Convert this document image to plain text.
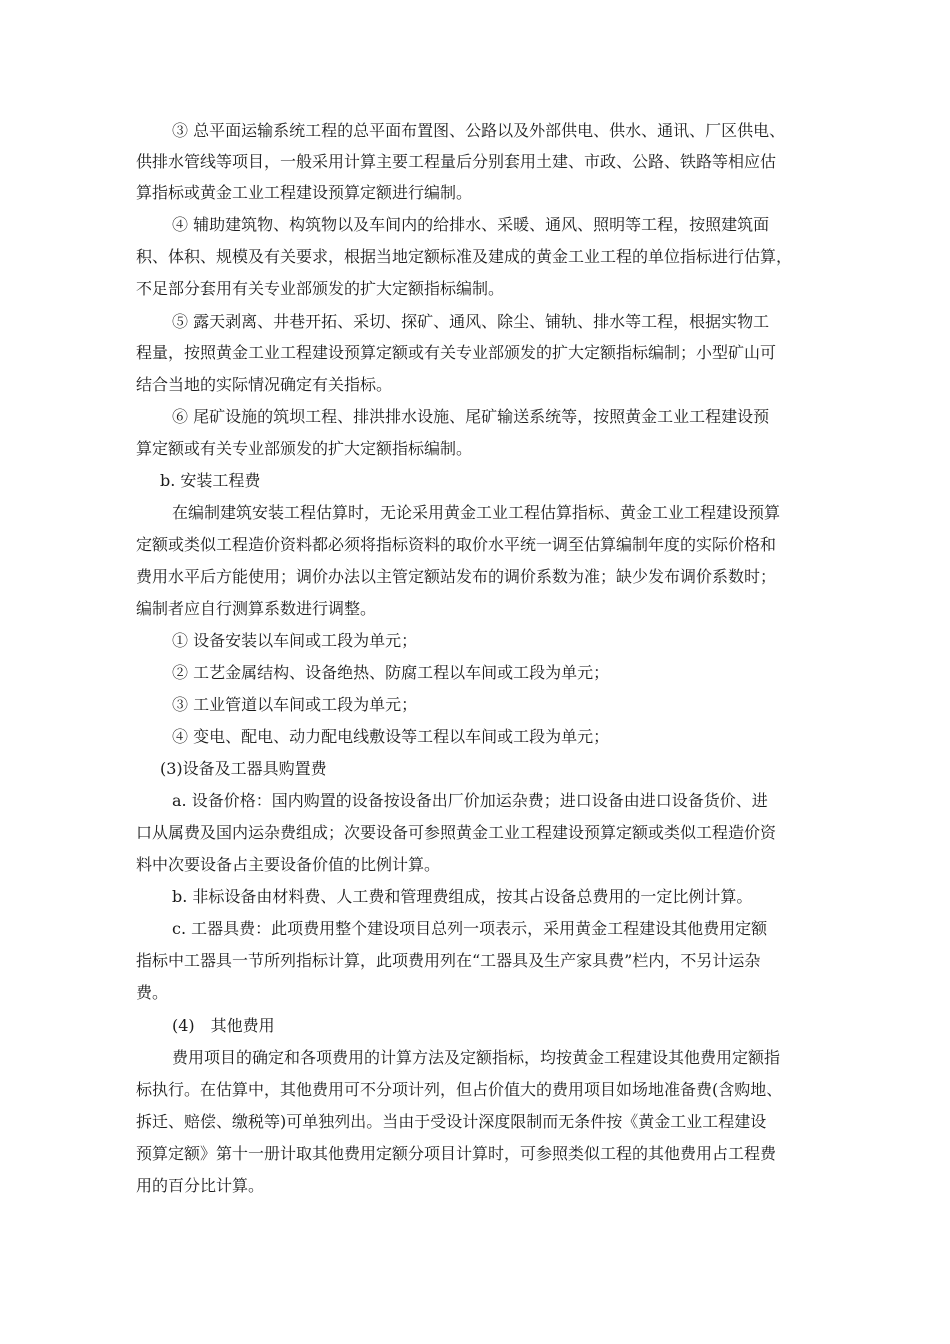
③ 总平面运输系统工程的总平面布置图、公路以及外部供电、供水、通讯、厂区供电、
供排水管线等项目，一般采用计算主要工程量后分别套用土建、市政、公路、铁路等相应估
算指标或黄金工业工程建设预算定额进行编制。
④ 辅助建筑物、构筑物以及车间内的给排水、采暖、通风、照明等工程，按照建筑面
积、体积、规模及有关要求，根据当地定额标准及建成的黄金工业工程的单位指标进行估算，
不足部分套用有关专业部颁发的扩大定额指标编制。
⑤ 露天剥离、井巷开拓、采切、探矿、通风、除尘、铺轨、排水等工程，根据实物工
程量，按照黄金工业工程建设预算定额或有关专业部颁发的扩大定额指标编制；小型矿山可
结合当地的实际情况确定有关指标。
⑥ 尾矿设施的筑坝工程、排洪排水设施、尾矿输送系统等，按照黄金工业工程建设预
算定额或有关专业部颁发的扩大定额指标编制。
b. 安装工程费
在编制建筑安装工程估算时，无论采用黄金工业工程估算指标、黄金工业工程建设预算
定额或类似工程造价资料都必须将指标资料的取价水平统一调至估算编制年度的实际价格和
费用水平后方能使用；调价办法以主管定额站发布的调价系数为准；缺少发布调价系数时；
编制者应自行测算系数进行调整。
① 设备安装以车间或工段为单元；
② 工艺金属结构、设备绝热、防腐工程以车间或工段为单元；
③ 工业管道以车间或工段为单元；
④ 变电、配电、动力配电线敷设等工程以车间或工段为单元；
(3)设备及工器具购置费
a. 设备价格：国内购置的设备按设备出厂价加运杂费；进口设备由进口设备货价、进
口从属费及国内运杂费组成；次要设备可参照黄金工业工程建设预算定额或类似工程造价资
料中次要设备占主要设备价值的比例计算。
b. 非标设备由材料费、人工费和管理费组成，按其占设备总费用的一定比例计算。
c. 工器具费：此项费用整个建设项目总列一项表示，采用黄金工程建设其他费用定额
指标中工器具一节所列指标计算，此项费用列在“工器具及生产家具费”栏内，不另计运杂
费。
(4)　其他费用
费用项目的确定和各项费用的计算方法及定额指标，均按黄金工程建设其他费用定额指
标执行。在估算中，其他费用可不分项计列，但占价值大的费用项目如场地准备费(含购地、
拆迁、赔偿、缴税等)可单独列出。当由于受设计深度限制而无条件按《黄金工业工程建设
预算定额》第十一册计取其他费用定额分项目计算时，可参照类似工程的其他费用占工程费
用的百分比计算。
